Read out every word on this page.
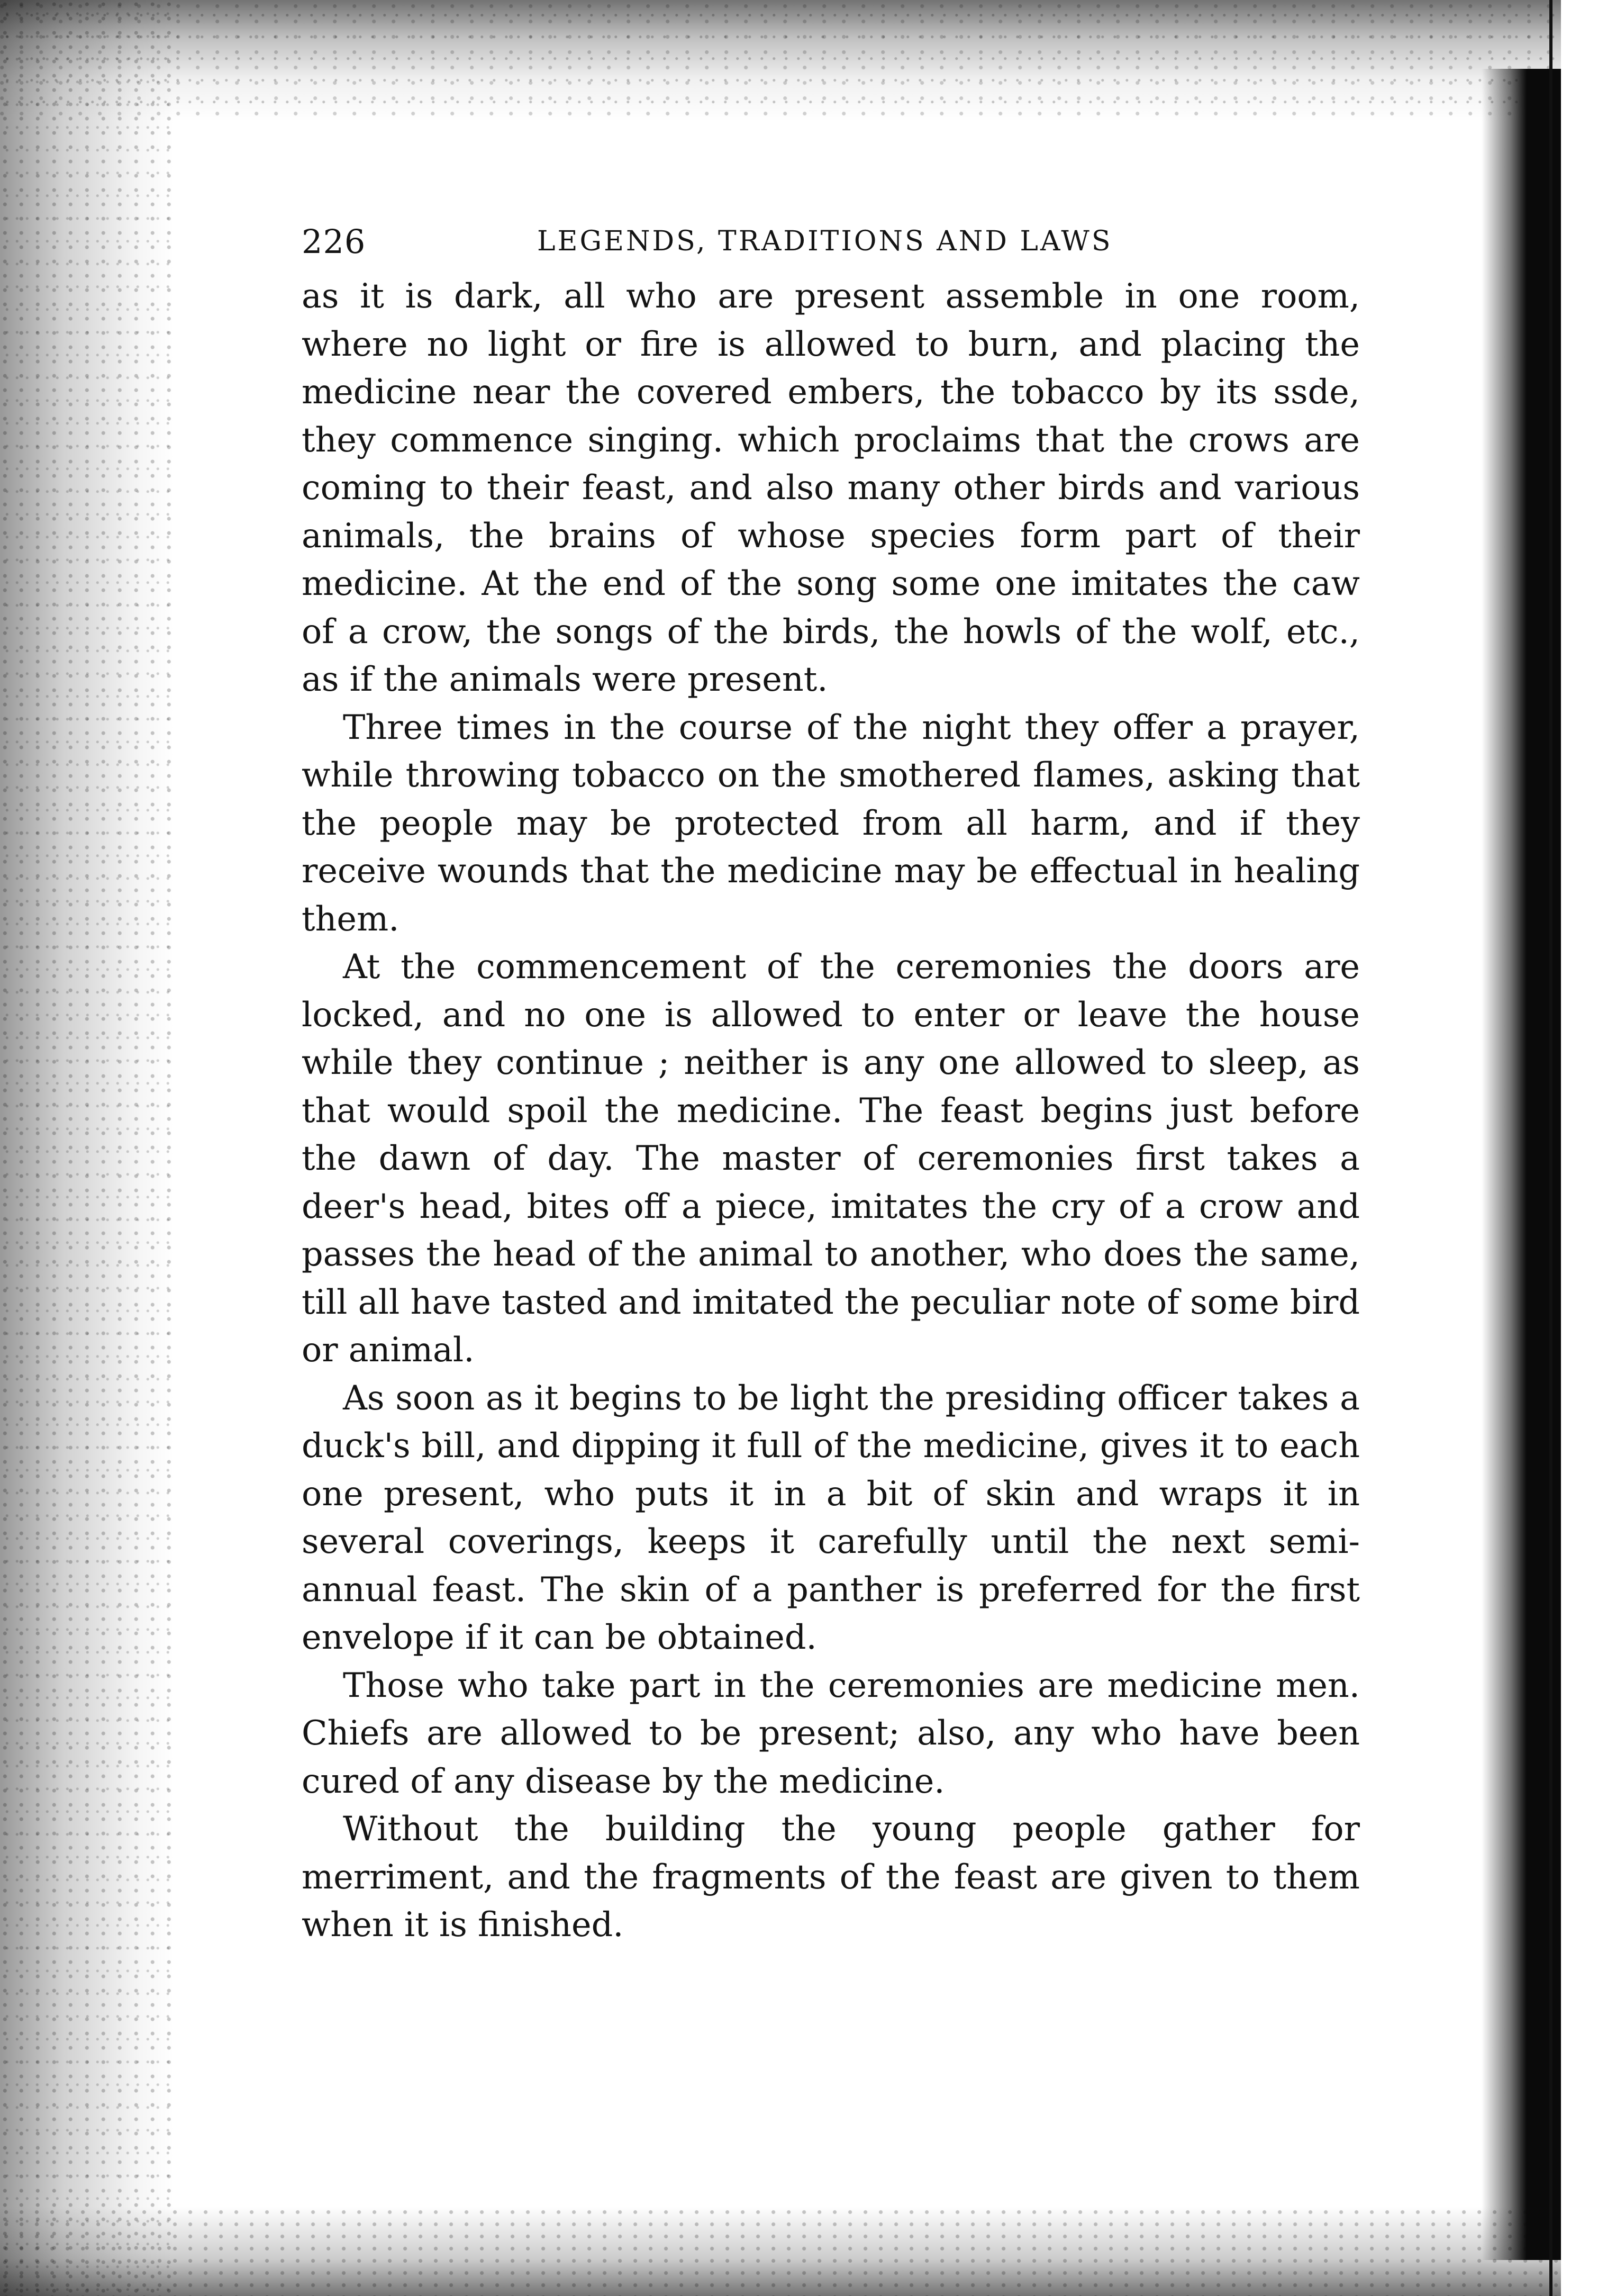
226	LEGENDS, TRADITIONS AND LAWS

as it is dark, all who are present assemble in one room, where no light or fire is allowed to burn, and placing the medicine near the covered embers, the tobacco by its ssde, they commence singing. which proclaims that the crows are coming to their feast, and also many other birds and various animals, the brains of whose species form part of their medicine. At the end of the song some one imitates the caw of a crow, the songs of the birds, the howls of the wolf, etc., as if the animals were present.

Three times in the course of the night they offer a prayer, while throwing tobacco on the smothered flames, asking that the people may be protected from all harm, and if they receive wounds that the medicine may be effectual in healing them.

At the commencement of the ceremonies the doors are locked, and no one is allowed to enter or leave the house while they continue ; neither is any one allowed to sleep, as that would spoil the medicine. The feast begins just before the dawn of day. The master of ceremonies first takes a deer's head, bites off a piece, imitates the cry of a crow and passes the head of the animal to another, who does the same, till all have tasted and imitated the peculiar note of some bird or animal.

As soon as it begins to be light the presiding officer takes a duck's bill, and dipping it full of the medicine, gives it to each one present, who puts it in a bit of skin and wraps it in several coverings, keeps it carefully until the next semi-annual feast. The skin of a panther is preferred for the first envelope if it can be obtained.

Those who take part in the ceremonies are medicine men. Chiefs are allowed to be present; also, any who have been cured of any disease by the medicine.

Without the building the young people gather for merriment, and the fragments of the feast are given to them when it is finished.
